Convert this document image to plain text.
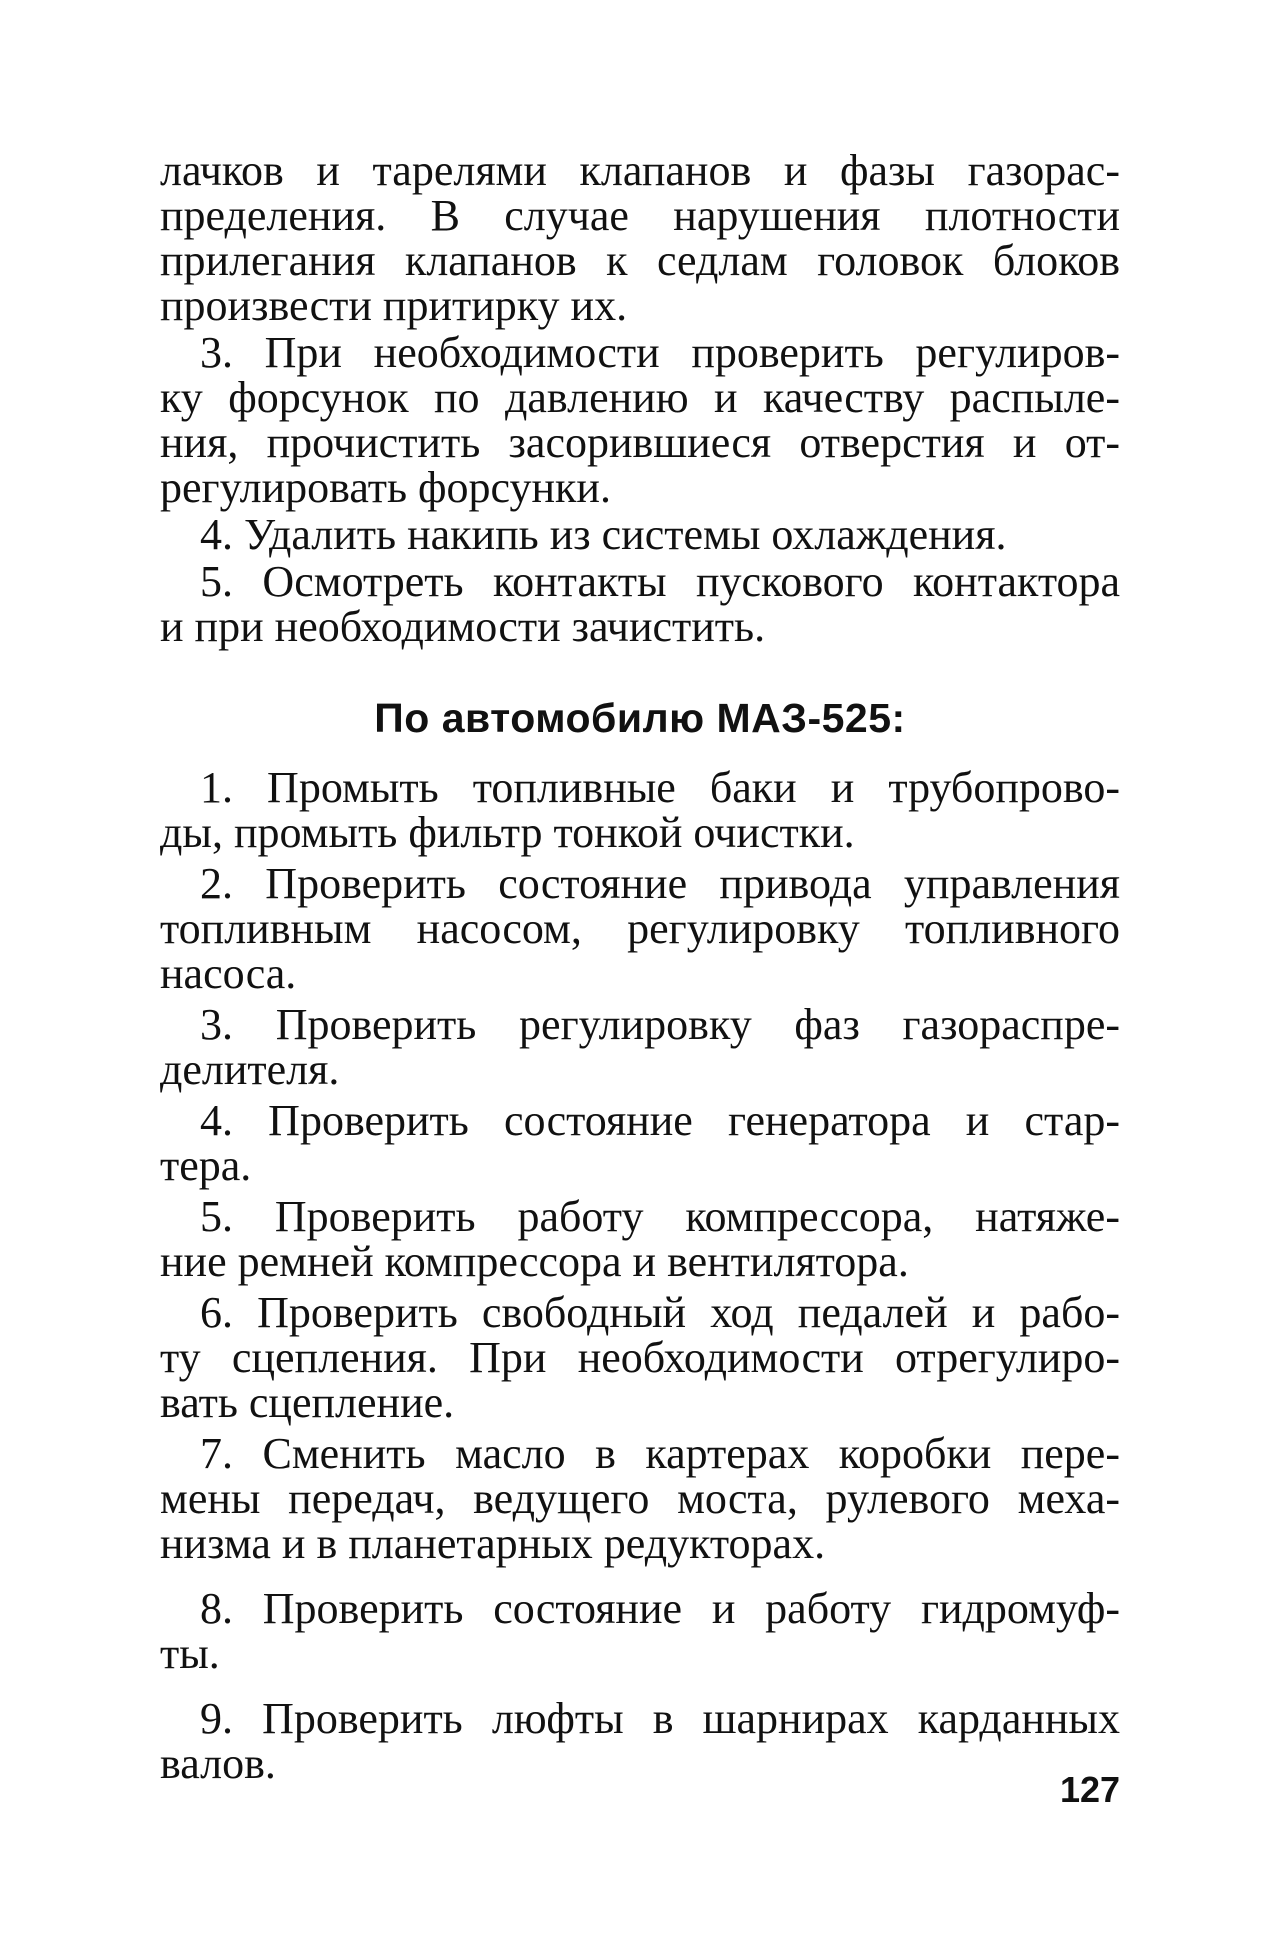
лачков и тарелями клапанов и фазы газорас-
пределения. В случае нарушения плотности
прилегания клапанов к седлам головок блоков
произвести притирку их.
3. При необходимости проверить регулиров-
ку форсунок по давлению и качеству распыле-
ния, прочистить засорившиеся отверстия и от-
регулировать форсунки.
4. Удалить накипь из системы охлаждения.
5. Осмотреть контакты пускового контактора
и при необходимости зачистить.
По автомобилю МАЗ-525:
1. Промыть топливные баки и трубопрово-
ды, промыть фильтр тонкой очистки.
2. Проверить состояние привода управления
топливным насосом, регулировку топливного
насоса.
3. Проверить регулировку фаз газораспре-
делителя.
4. Проверить состояние генератора и стар-
тера.
5. Проверить работу компрессора, натяже-
ние ремней компрессора и вентилятора.
6. Проверить свободный ход педалей и рабо-
ту сцепления. При необходимости отрегулиро-
вать сцепление.
7. Сменить масло в картерах коробки пере-
мены передач, ведущего моста, рулевого меха-
низма и в планетарных редукторах.
8. Проверить состояние и работу гидромуф-
ты.
9. Проверить люфты в шарнирах карданных
валов.
127
